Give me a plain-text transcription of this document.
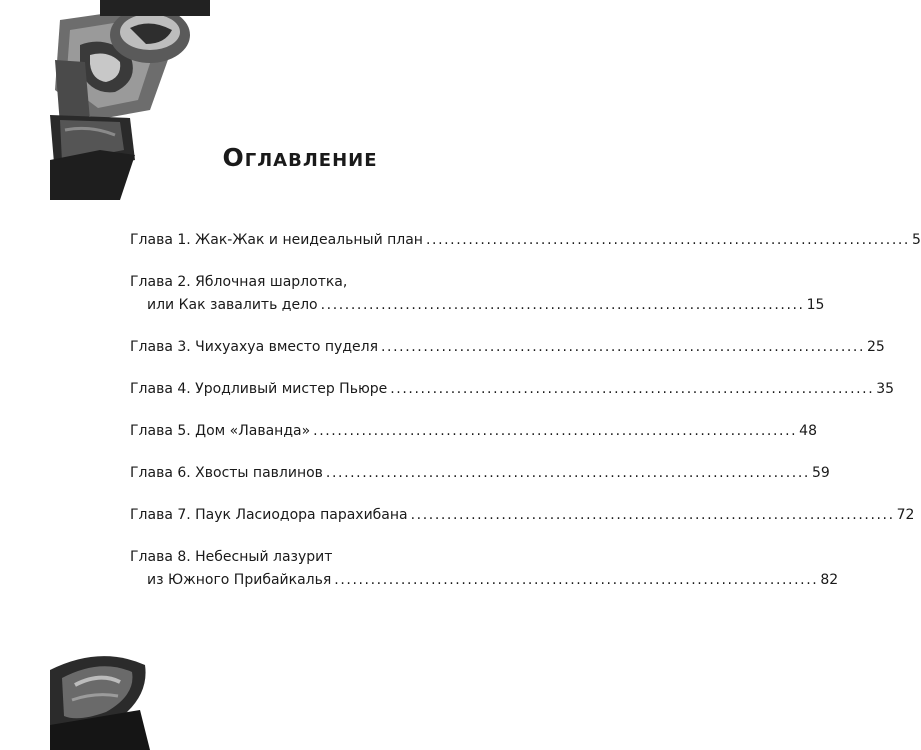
Оглавление
Глава 1. Жак-Жак и неидеальный план ................................................................................ 5
Глава 2. Яблочная шарлотка,
или Как завалить дело ................................................................................ 15
Глава 3. Чихуахуа вместо пуделя ................................................................................ 25
Глава 4. Уродливый мистер Пьюре ................................................................................ 35
Глава 5. Дом «Лаванда» ................................................................................ 48
Глава 6. Хвосты павлинов ................................................................................ 59
Глава 7. Паук Ласиодора парахибана ................................................................................ 72
Глава 8. Небесный лазурит
из Южного Прибайкалья ................................................................................ 82
